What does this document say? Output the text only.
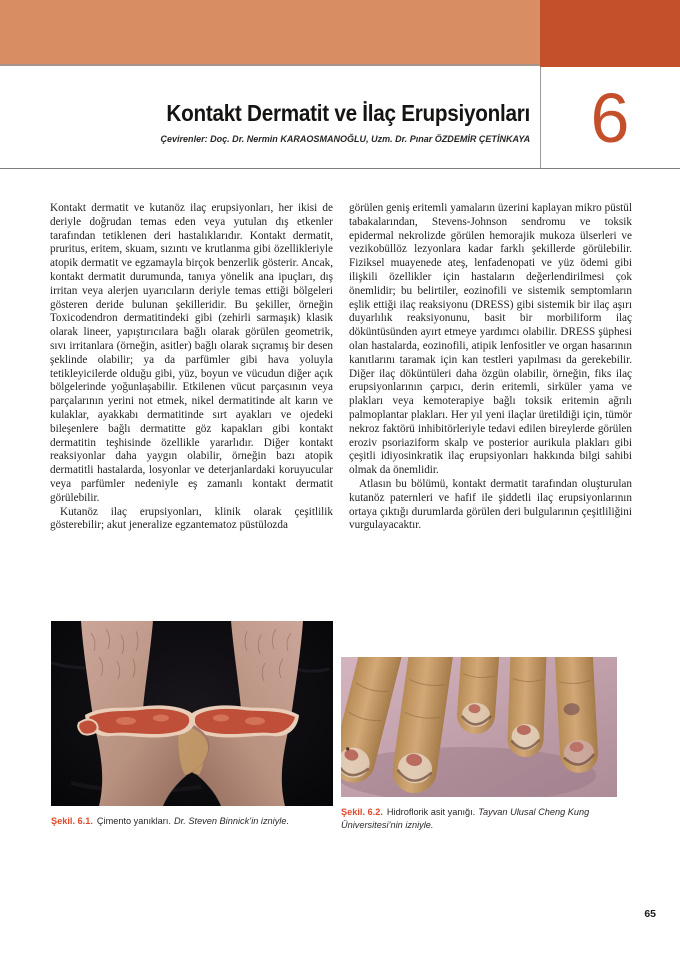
Kontakt Dermatit ve İlaç Erupsiyonları

Çevirenler: Doç. Dr. Nermin KARAOSMANOĞLU, Uzm. Dr. Pınar ÖZDEMİR ÇETİNKAYA 6

Kontakt dermatit ve kutanöz ilaç erupsiyonları, her ikisi de deriyle doğrudan temas eden veya yutulan dış etkenler tarafından tetiklenen deri hastalıklarıdır. Kontakt dermatit, pruritus, eritem, skuam, sızıntı ve krutlanma gibi özellikleriyle atopik dermatit ve egzamayla birçok benzerlik gösterir. Ancak, kontakt dermatit durumunda, tanıya yönelik ana ipuçları, dış irritan veya alerjen uyarıcıların deriyle temas ettiği bölgeleri gösteren deride bulunan şekilleridir. Bu şekiller, örneğin Toxicodendron dermatitindeki gibi (zehirli sarmaşık) klasik olarak lineer, yapıştırıcılara bağlı olarak görülen geometrik, sıvı irritanlara (örneğin, asitler) bağlı olarak sıçramış bir desen şeklinde olabilir; ya da parfümler gibi hava yoluyla tetikleyicilerde olduğu gibi, yüz, boyun ve vücudun diğer açık bölgelerinde yoğunlaşabilir. Etkilenen vücut parçasının veya parçalarının yerini not etmek, nikel dermatitinde alt karın ve kulaklar, ayakkabı dermatitinde sırt ayakları ve ojedeki bileşenlere bağlı dermatitte göz kapakları gibi kontakt dermatitin teşhisinde özellikle yararlıdır. Diğer kontakt reaksiyonlar daha yaygın olabilir, örneğin bazı atopik dermatitli hastalarda, losyonlar ve deterjanlardaki koruyucular veya parfümler nedeniyle eş zamanlı kontakt dermatit görülebilir.

Kutanöz ilaç erupsiyonları, klinik olarak çeşitlilik gösterebilir; akut jeneralize egzantematoz püstülozda

görülen geniş eritemli yamaların üzerini kaplayan mikro püstül tabakalarından, Stevens-Johnson sendromu ve toksik epidermal nekrolizde görülen hemorajik mukoza ülserleri ve vezikobüllöz lezyonlara kadar farklı şekillerde görülebilir. Fiziksel muayenede ateş, lenfadenopati ve yüz ödemi gibi ilişkili özellikler için hastaların değerlendirilmesi çok önemlidir; bu belirtiler, eozinofili ve sistemik semptomların eşlik ettiği ilaç reaksiyonu (DRESS) gibi sistemik bir ilaç aşırı duyarlılık reaksiyonunu, basit bir morbiliform ilaç döküntüsünden ayırt etmeye yardımcı olabilir. DRESS şüphesi olan hastalarda, eozinofili, atipik lenfositler ve organ hasarının kanıtlarını taramak için kan testleri yapılması da gerekebilir. Diğer ilaç döküntüleri daha özgün olabilir, örneğin, fiks ilaç erupsiyonlarının çarpıcı, derin eritemli, sirküler yama ve plakları veya kemoterapiye bağlı toksik eritemin ağrılı palmoplantar plakları. Her yıl yeni ilaçlar üretildiği için, tümör nekroz faktörü inhibitörleriyle tedavi edilen bireylerde görülen eroziv psoriaziform skalp ve posterior aurikula plakları gibi çeşitli idiyosinkratik ilaç erupsiyonları hakkında bilgi sahibi olmak da önemlidir.

Atlasın bu bölümü, kontakt dermatit tarafından oluşturulan kutanöz paternleri ve hafif ile şiddetli ilaç erupsiyonlarının ortaya çıktığı durumlarda görülen deri bulgularının çeşitliliğini vurgulayacaktır.

Şekil. 6.1. Çimento yanıkları. Dr. Steven Binnick’in izniyle.
Şekil. 6.2. Hidroflorik asit yanığı. Tayvan Ulusal Cheng Kung Üniversitesi’nin izniyle.
65
